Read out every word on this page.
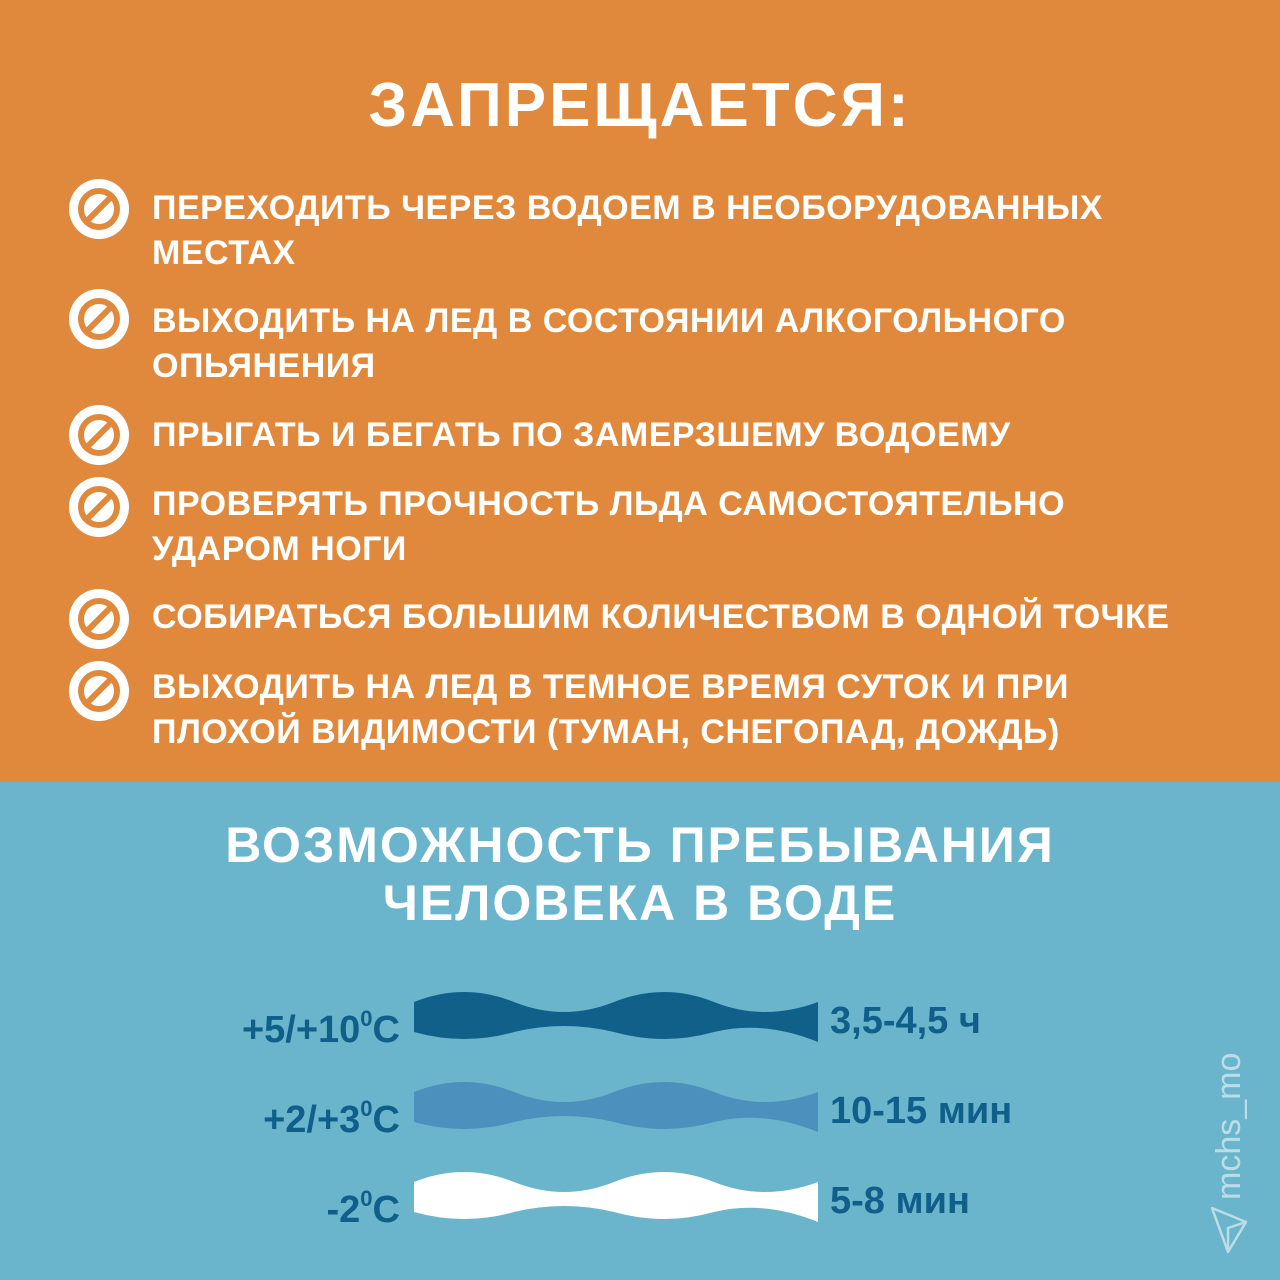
ЗАПРЕЩАЕТСЯ:
ПЕРЕХОДИТЬ ЧЕРЕЗ ВОДОЕМ В НЕОБОРУДОВАННЫХ
МЕСТАХ
ВЫХОДИТЬ НА ЛЕД В СОСТОЯНИИ АЛКОГОЛЬНОГО
ОПЬЯНЕНИЯ
ПРЫГАТЬ И БЕГАТЬ ПО ЗАМЕРЗШЕМУ ВОДОЕМУ
ПРОВЕРЯТЬ ПРОЧНОСТЬ ЛЬДА САМОСТОЯТЕЛЬНО
УДАРОМ НОГИ
СОБИРАТЬСЯ БОЛЬШИМ КОЛИЧЕСТВОМ В ОДНОЙ ТОЧКЕ
ВЫХОДИТЬ НА ЛЕД В ТЕМНОЕ ВРЕМЯ СУТОК И ПРИ
ПЛОХОЙ ВИДИМОСТИ (ТУМАН, СНЕГОПАД, ДОЖДЬ)
ВОЗМОЖНОСТЬ ПРЕБЫВАНИЯ
ЧЕЛОВЕКА В ВОДЕ
$+5/+10^0С$	3,5-4,5 ч
$+2/+3^0С$	10-15 мин
$-2^0С$	5-8 мин
mchs_mo
